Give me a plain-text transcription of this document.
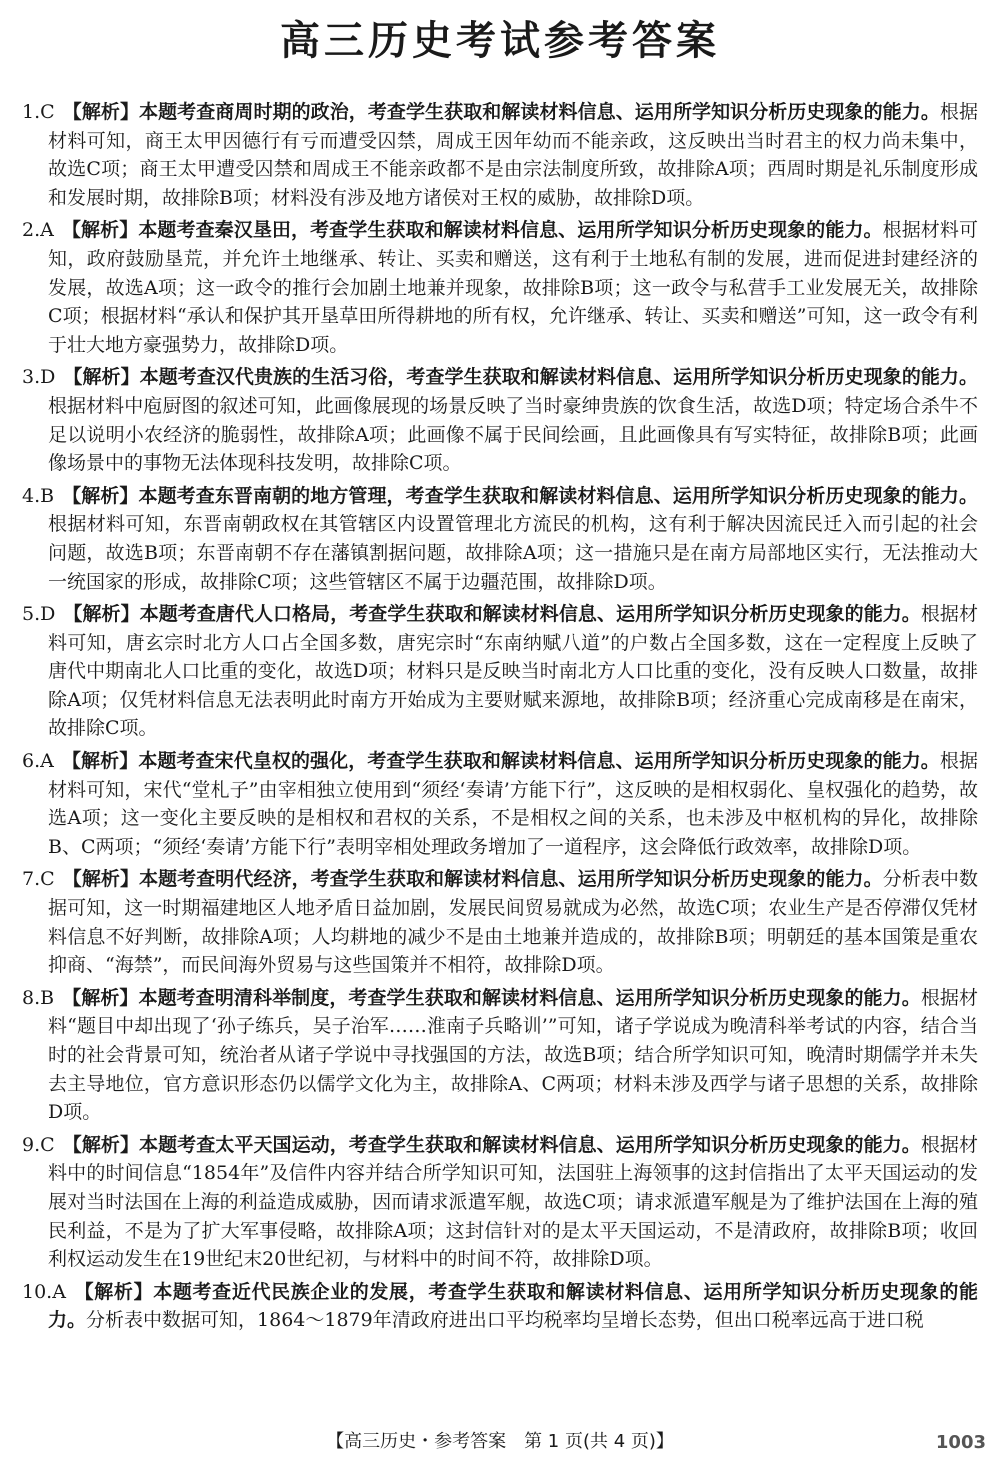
高三历史考试参考答案

1.C 【解析】本题考查商周时期的政治，考查学生获取和解读材料信息、运用所学知识分析历史现象的能力。根据材料可知，商王太甲因德行有亏而遭受囚禁，周成王因年幼而不能亲政，这反映出当时君主的权力尚未集中，故选C项；商王太甲遭受囚禁和周成王不能亲政都不是由宗法制度所致，故排除A项；西周时期是礼乐制度形成和发展时期，故排除B项；材料没有涉及地方诸侯对王权的威胁，故排除D项。

2.A 【解析】本题考查秦汉垦田，考查学生获取和解读材料信息、运用所学知识分析历史现象的能力。根据材料可知，政府鼓励垦荒，并允许土地继承、转让、买卖和赠送，这有利于土地私有制的发展，进而促进封建经济的发展，故选A项；这一政令的推行会加剧土地兼并现象，故排除B项；这一政令与私营手工业发展无关，故排除C项；根据材料“承认和保护其开垦草田所得耕地的所有权，允许继承、转让、买卖和赠送”可知，这一政令有利于壮大地方豪强势力，故排除D项。

3.D 【解析】本题考查汉代贵族的生活习俗，考查学生获取和解读材料信息、运用所学知识分析历史现象的能力。根据材料中庖厨图的叙述可知，此画像展现的场景反映了当时豪绅贵族的饮食生活，故选D项；特定场合杀牛不足以说明小农经济的脆弱性，故排除A项；此画像不属于民间绘画，且此画像具有写实特征，故排除B项；此画像场景中的事物无法体现科技发明，故排除C项。

4.B 【解析】本题考查东晋南朝的地方管理，考查学生获取和解读材料信息、运用所学知识分析历史现象的能力。根据材料可知，东晋南朝政权在其管辖区内设置管理北方流民的机构，这有利于解决因流民迁入而引起的社会问题，故选B项；东晋南朝不存在藩镇割据问题，故排除A项；这一措施只是在南方局部地区实行，无法推动大一统国家的形成，故排除C项；这些管辖区不属于边疆范围，故排除D项。

5.D 【解析】本题考查唐代人口格局，考查学生获取和解读材料信息、运用所学知识分析历史现象的能力。根据材料可知，唐玄宗时北方人口占全国多数，唐宪宗时“东南纳赋八道”的户数占全国多数，这在一定程度上反映了唐代中期南北人口比重的变化，故选D项；材料只是反映当时南北方人口比重的变化，没有反映人口数量，故排除A项；仅凭材料信息无法表明此时南方开始成为主要财赋来源地，故排除B项；经济重心完成南移是在南宋，故排除C项。

6.A 【解析】本题考查宋代皇权的强化，考查学生获取和解读材料信息、运用所学知识分析历史现象的能力。根据材料可知，宋代“堂札子”由宰相独立使用到“须经‘奏请’方能下行”，这反映的是相权弱化、皇权强化的趋势，故选A项；这一变化主要反映的是相权和君权的关系，不是相权之间的关系，也未涉及中枢机构的异化，故排除B、C两项；“须经‘奏请’方能下行”表明宰相处理政务增加了一道程序，这会降低行政效率，故排除D项。

7.C 【解析】本题考查明代经济，考查学生获取和解读材料信息、运用所学知识分析历史现象的能力。分析表中数据可知，这一时期福建地区人地矛盾日益加剧，发展民间贸易就成为必然，故选C项；农业生产是否停滞仅凭材料信息不好判断，故排除A项；人均耕地的减少不是由土地兼并造成的，故排除B项；明朝廷的基本国策是重农抑商、“海禁”，而民间海外贸易与这些国策并不相符，故排除D项。

8.B 【解析】本题考查明清科举制度，考查学生获取和解读材料信息、运用所学知识分析历史现象的能力。根据材料“题目中却出现了‘孙子练兵，吴子治军……淮南子兵略训’”可知，诸子学说成为晚清科举考试的内容，结合当时的社会背景可知，统治者从诸子学说中寻找强国的方法，故选B项；结合所学知识可知，晚清时期儒学并未失去主导地位，官方意识形态仍以儒学文化为主，故排除A、C两项；材料未涉及西学与诸子思想的关系，故排除D项。

9.C 【解析】本题考查太平天国运动，考查学生获取和解读材料信息、运用所学知识分析历史现象的能力。根据材料中的时间信息“1854年”及信件内容并结合所学知识可知，法国驻上海领事的这封信指出了太平天国运动的发展对当时法国在上海的利益造成威胁，因而请求派遣军舰，故选C项；请求派遣军舰是为了维护法国在上海的殖民利益，不是为了扩大军事侵略，故排除A项；这封信针对的是太平天国运动，不是清政府，故排除B项；收回利权运动发生在19世纪末20世纪初，与材料中的时间不符，故排除D项。

10.A 【解析】本题考查近代民族企业的发展，考查学生获取和解读材料信息、运用所学知识分析历史现象的能力。分析表中数据可知，1864～1879年清政府进出口平均税率均呈增长态势，但出口税率远高于进口税

【高三历史・参考答案　第 1 页(共 4 页)】	1003
